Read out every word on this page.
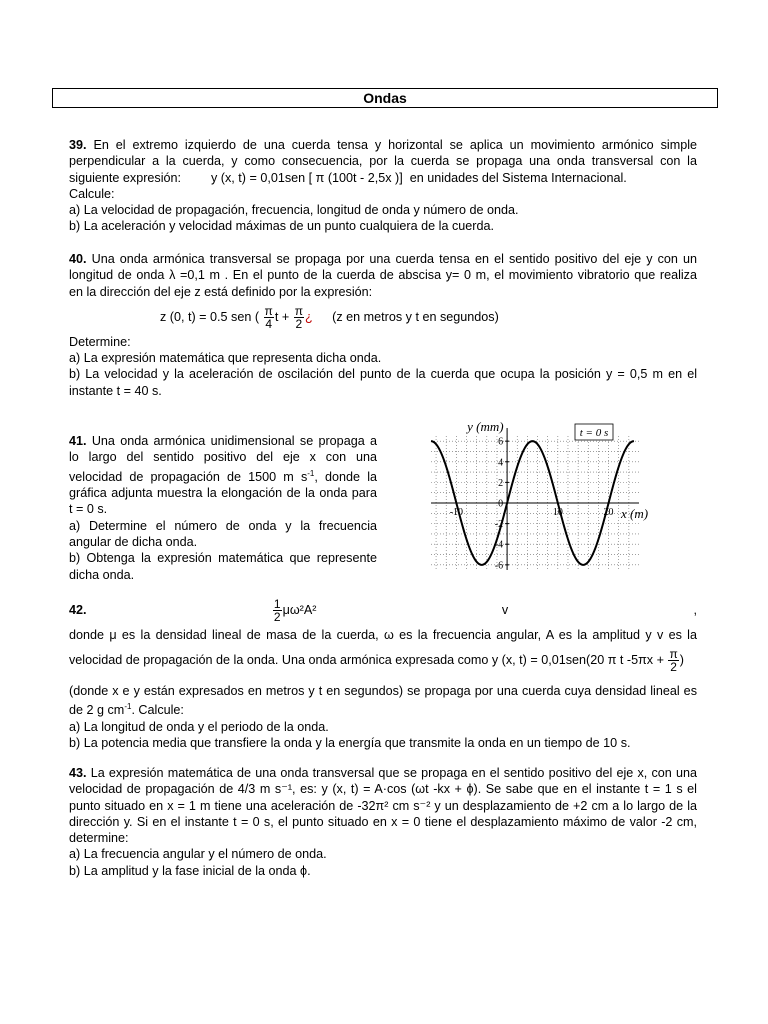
Ondas
39. En el extremo izquierdo de una cuerda tensa y horizontal se aplica un movimiento armónico simple
perpendicular a la cuerda, y como consecuencia, por la cuerda se propaga una onda transversal con la
siguiente expresión: y (x, t) = 0,01sen [ π (100t - 2,5x )] en unidades del Sistema Internacional.
Calcule:
a) La velocidad de propagación, frecuencia, longitud de onda y número de onda.
b) La aceleración y velocidad máximas de un punto cualquiera de la cuerda.
40. Una onda armónica transversal se propaga por una cuerda tensa en el sentido positivo del eje y con un
longitud de onda λ =0,1 m . En el punto de la cuerda de abscisa y= 0 m, el movimiento vibratorio que realiza
en la dirección del eje z está definido por la expresión:
z (0, t) = 0.5 sen ( $\frac{\pi}{4}$ $t + \frac{\pi}{2}$ ¿ (z en metros y t en segundos)
Determine:
a) La expresión matemática que representa dicha onda.
b) La velocidad y la aceleración de oscilación del punto de la cuerda que ocupa la posición y = 0,5 m en el
instante t = 40 s.
41. Una onda armónica unidimensional se propaga a
lo largo del sentido positivo del eje x con una
velocidad de propagación de 1500 m $s^{-1}$, donde la
gráfica adjunta muestra la elongación de la onda para
t = 0 s.
a) Determine el número de onda y la frecuencia
angular de dicha onda.
b) Obtenga la expresión matemática que represente
dicha onda.
6
4
2
0
-2
-4
-6
-10	10	20
y (mm)
x (m)
t = 0 s
42.	$\frac{1}{2} \mu\omega^2A^2$ v ,
donde μ es la densidad lineal de masa de la cuerda, ω es la frecuencia angular, A es la amplitud y v es la
velocidad de propagación de la onda. Una onda armónica expresada como y (x, t) = 0,01sen(20 π t $-5\pi x + \frac{\pi}{2}$ )
(donde x e y están expresados en metros y t en segundos) se propaga por una cuerda cuya densidad lineal es
de 2 g $cm^{-1}$. Calcule:
a) La longitud de onda y el periodo de la onda.
b) La potencia media que transfiere la onda y la energía que transmite la onda en un tiempo de 10 s.
43. La expresión matemática de una onda transversal que se propaga en el sentido positivo del eje x, con una
velocidad de propagación de 4/3 m s⁻¹, es: y (x, t) = A·cos (ωt -kx + ϕ). Se sabe que en el instante t = 1 s el
punto situado en x = 1 m tiene una aceleración de -32π² cm s⁻² y un desplazamiento de +2 cm a lo largo de la
dirección y. Si en el instante t = 0 s, el punto situado en x = 0 tiene el desplazamiento máximo de valor -2 cm,
determine:
a) La frecuencia angular y el número de onda.
b) La amplitud y la fase inicial de la onda ϕ.
